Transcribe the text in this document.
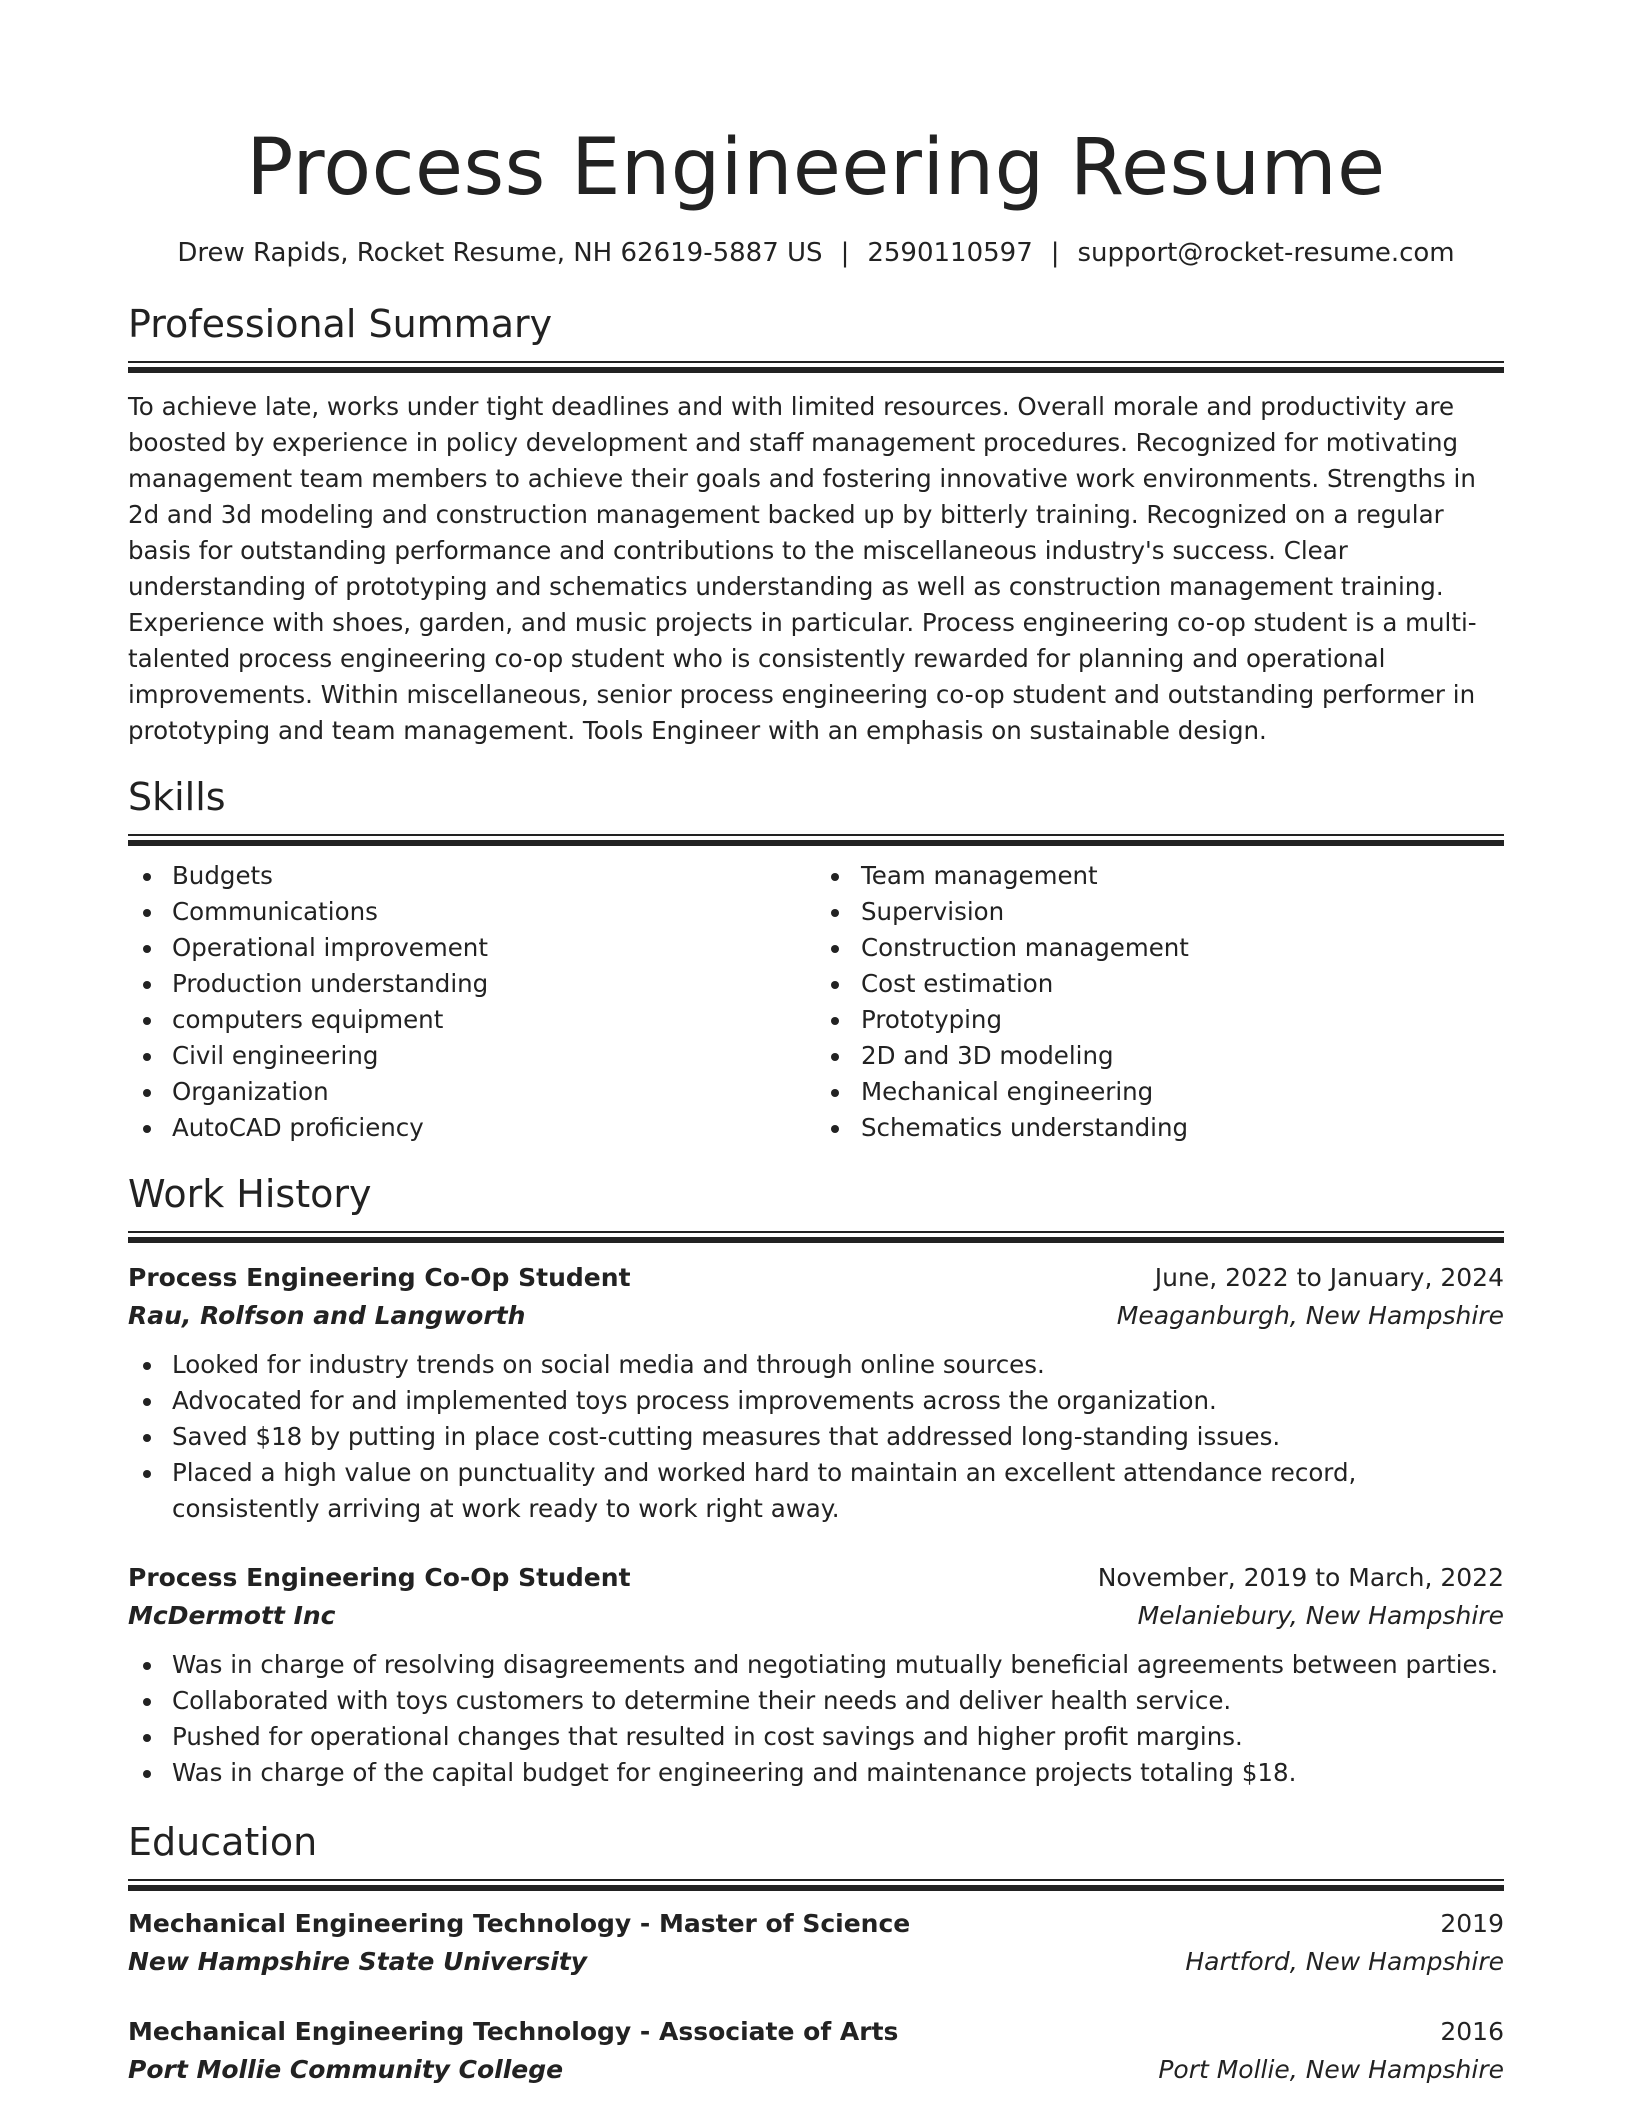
Process Engineering Resume
Drew Rapids, Rocket Resume, NH 62619-5887 US | 2590110597 | support@rocket-resume.com
Professional Summary
To achieve late, works under tight deadlines and with limited resources. Overall morale and productivity are boosted by experience in policy development and staff management procedures. Recognized for motivating management team members to achieve their goals and fostering innovative work environments. Strengths in 2d and 3d modeling and construction management backed up by bitterly training. Recognized on a regular basis for outstanding performance and contributions to the miscellaneous industry's success. Clear understanding of prototyping and schematics understanding as well as construction management training. Experience with shoes, garden, and music projects in particular. Process engineering co-op student is a multi-talented process engineering co-op student who is consistently rewarded for planning and operational improvements. Within miscellaneous, senior process engineering co-op student and outstanding performer in prototyping and team management. Tools Engineer with an emphasis on sustainable design.
Skills
Budgets
Communications
Operational improvement
Production understanding
computers equipment
Civil engineering
Organization
AutoCAD proficiency
Team management
Supervision
Construction management
Cost estimation
Prototyping
2D and 3D modeling
Mechanical engineering
Schematics understanding
Work History
Process Engineering Co-Op Student	June, 2022 to January, 2024
Rau, Rolfson and Langworth	Meaganburgh, New Hampshire
Looked for industry trends on social media and through online sources.
Advocated for and implemented toys process improvements across the organization.
Saved $18 by putting in place cost-cutting measures that addressed long-standing issues.
Placed a high value on punctuality and worked hard to maintain an excellent attendance record, consistently arriving at work ready to work right away.
Process Engineering Co-Op Student	November, 2019 to March, 2022
McDermott Inc	Melaniebury, New Hampshire
Was in charge of resolving disagreements and negotiating mutually beneficial agreements between parties.
Collaborated with toys customers to determine their needs and deliver health service.
Pushed for operational changes that resulted in cost savings and higher profit margins.
Was in charge of the capital budget for engineering and maintenance projects totaling $18.
Education
Mechanical Engineering Technology - Master of Science	2019
New Hampshire State University	Hartford, New Hampshire
Mechanical Engineering Technology - Associate of Arts	2016
Port Mollie Community College	Port Mollie, New Hampshire
